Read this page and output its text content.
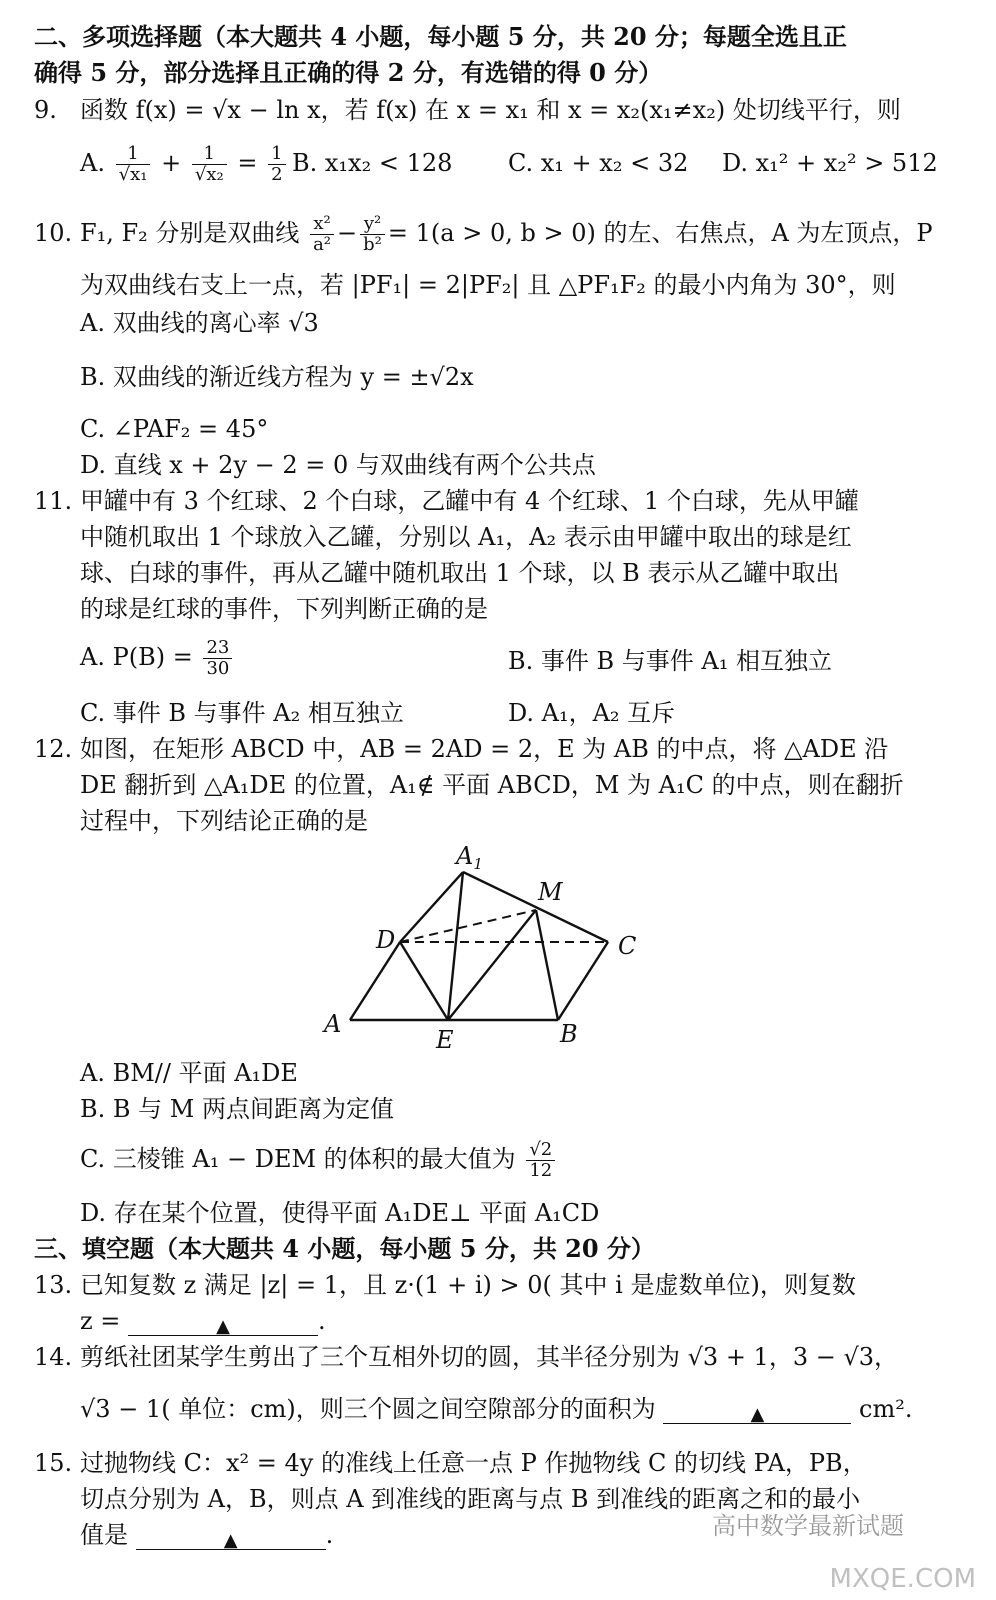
二、多项选择题（本大题共 4 小题，每小题 5 分，共 20 分；每题全选且正
确得 5 分，部分选择且正确的得 2 分，有选错的得 0 分）
9. 函数 f(x) = √x − ln x，若 f(x) 在 x = x₁ 和 x = x₂(x₁≠x₂) 处切线平行，则
A. $\frac{1}{\text{√x₁}} + \frac{1}{\text{√x₂}} = \frac{1}{2} B$. x₁x₂ < 128 C. x₁ + x₂ < 32 D. x₁² + x₂² > 512
10. F₁, F₂ 分别是双曲线 $\frac{\text{x²}}{\text{a²}} - \frac{\text{y²}}{\text{b²}} = 1(a > 0$, b > 0) 的左、右焦点，A 为左顶点，P
为双曲线右支上一点，若 |PF₁| = 2|PF₂| 且 △PF₁F₂ 的最小内角为 30°，则
A. 双曲线的离心率 √3
B. 双曲线的渐近线方程为 y = ±√2x
C. ∠PAF₂ = 45°
D. 直线 x + 2y − 2 = 0 与双曲线有两个公共点
11. 甲罐中有 3 个红球、2 个白球，乙罐中有 4 个红球、1 个白球，先从甲罐
中随机取出 1 个球放入乙罐，分别以 A₁，A₂ 表示由甲罐中取出的球是红
球、白球的事件，再从乙罐中随机取出 1 个球，以 B 表示从乙罐中取出
的球是红球的事件，下列判断正确的是
A. $P(B) = \frac{23}{30}$	B. 事件 B 与事件 A₁ 相互独立
C. 事件 B 与事件 A₂ 相互独立	D. A₁，A₂ 互斥
12. 如图，在矩形 ABCD 中，AB = 2AD = 2，E 为 AB 的中点，将 △ADE 沿
DE 翻折到 △A₁DE 的位置，A₁∉ 平面 ABCD，M 为 A₁C 的中点，则在翻折
过程中，下列结论正确的是
$A_1$
M
D	C
A
E	B
A. BM// 平面 A₁DE
B. B 与 M 两点间距离为定值
C. 三棱锥 A₁ − DEM 的体积的最大值为 $\frac{√2}{12}$
D. 存在某个位置，使得平面 A₁DE⊥ 平面 A₁CD
三、填空题（本大题共 4 小题，每小题 5 分，共 20 分）
13. 已知复数 z 满足 |z| = 1，且 z·(1 + i) > 0( 其中 i 是虚数单位)，则复数
z =	▲	.
14. 剪纸社团某学生剪出了三个互相外切的圆，其半径分别为 √3 + 1，3 − √3，
√3 − 1( 单位：cm)，则三个圆之间空隙部分的面积为	▲	cm².
15. 过抛物线 C：x² = 4y 的准线上任意一点 P 作抛物线 C 的切线 PA，PB，
切点分别为 A，B，则点 A 到准线的距离与点 B 到准线的距离之和的最小
值是	▲	.	高中数学最新试题
MXQE.COM
